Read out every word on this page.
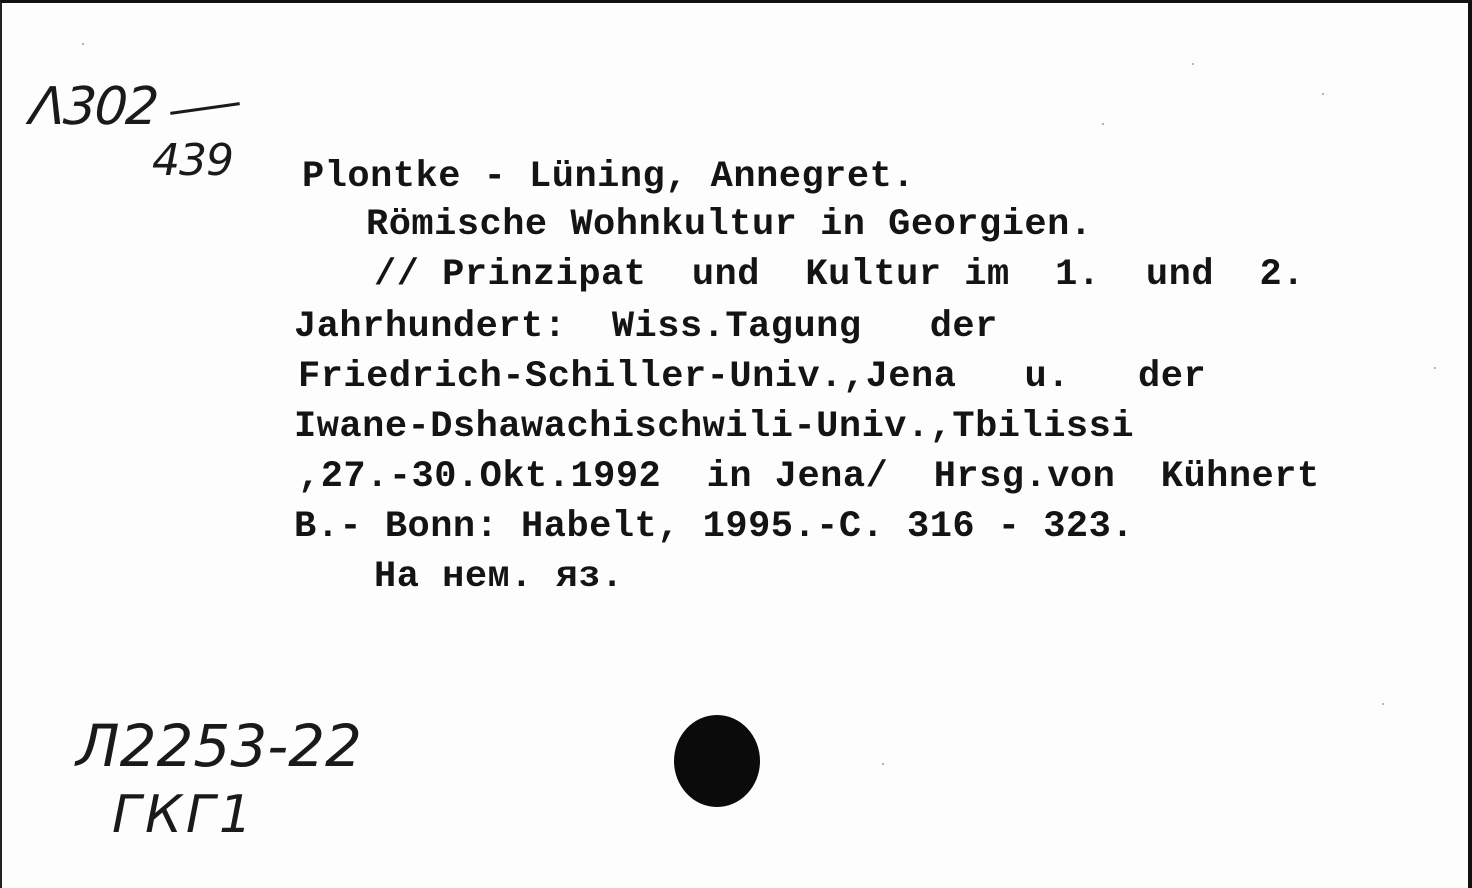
Λ302
439 Plontke - Lüning, Annegret.
Römische Wohnkultur in Georgien.
// Prinzipat  und  Kultur im  1.  und  2.
Jahrhundert:  Wiss.Tagung   der
Friedrich-Schiller-Univ.,Jena   u.   der
Iwane-Dshawachischwili-Univ.,Tbilissi
,27.-30.Okt.1992  in Jena/  Hrsg.von  Kühnert
B.- Bonn: Habelt, 1995.-C. 316 - 323.
На нем. яз.
Л2253-22
ГКГ1
